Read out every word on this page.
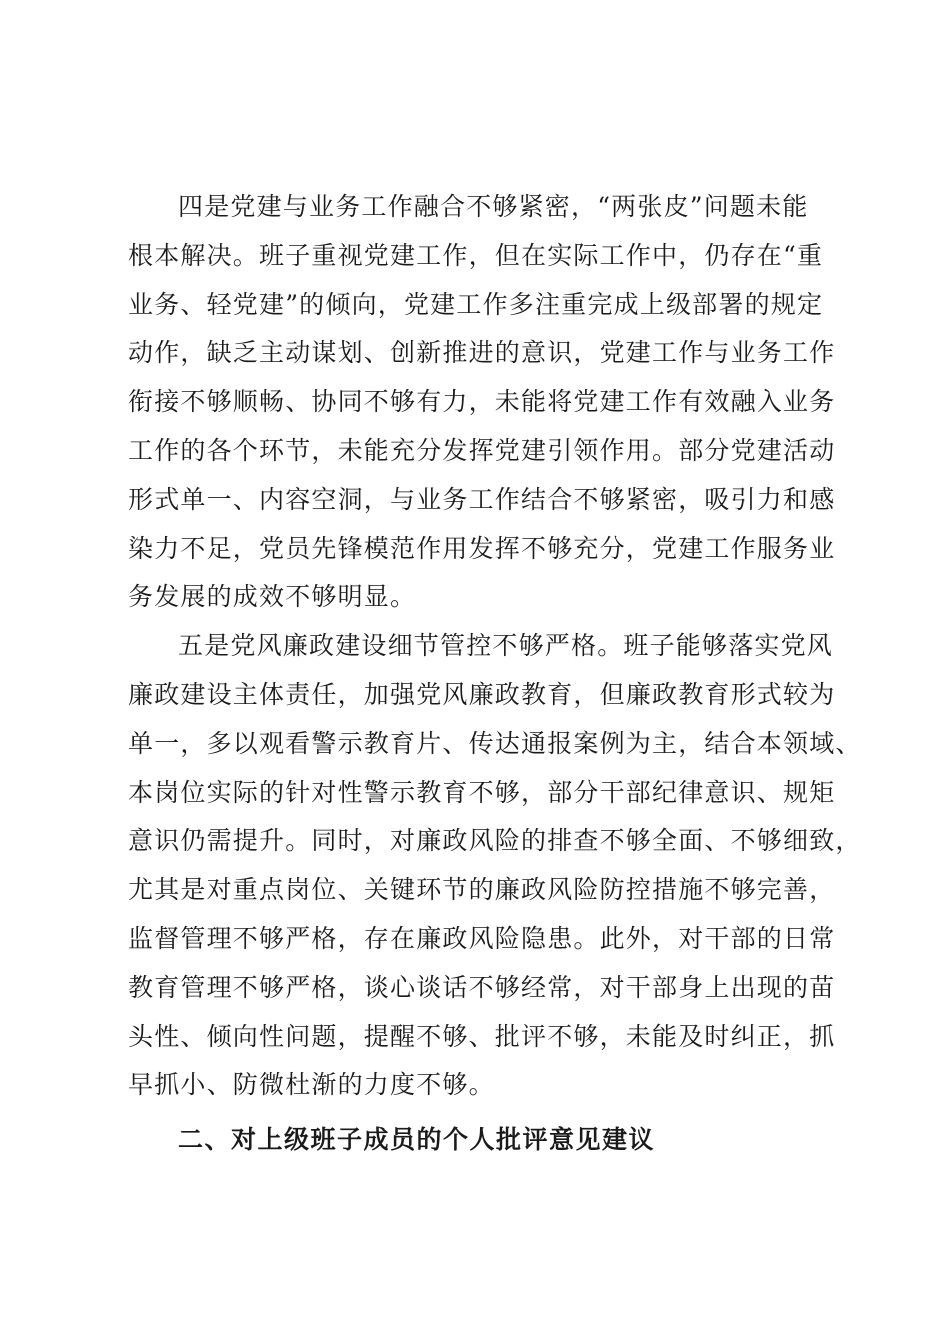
四是党建与业务工作融合不够紧密，“两张皮”问题未能
根本解决。班子重视党建工作，但在实际工作中，仍存在“重
业务、轻党建”的倾向，党建工作多注重完成上级部署的规定
动作，缺乏主动谋划、创新推进的意识，党建工作与业务工作
衔接不够顺畅、协同不够有力，未能将党建工作有效融入业务
工作的各个环节，未能充分发挥党建引领作用。部分党建活动
形式单一、内容空洞，与业务工作结合不够紧密，吸引力和感
染力不足，党员先锋模范作用发挥不够充分，党建工作服务业
务发展的成效不够明显。
五是党风廉政建设细节管控不够严格。班子能够落实党风
廉政建设主体责任，加强党风廉政教育，但廉政教育形式较为
单一，多以观看警示教育片、传达通报案例为主，结合本领域、
本岗位实际的针对性警示教育不够，部分干部纪律意识、规矩
意识仍需提升。同时，对廉政风险的排查不够全面、不够细致，
尤其是对重点岗位、关键环节的廉政风险防控措施不够完善，
监督管理不够严格，存在廉政风险隐患。此外，对干部的日常
教育管理不够严格，谈心谈话不够经常，对干部身上出现的苗
头性、倾向性问题，提醒不够、批评不够，未能及时纠正，抓
早抓小、防微杜渐的力度不够。
二、对上级班子成员的个人批评意见建议
